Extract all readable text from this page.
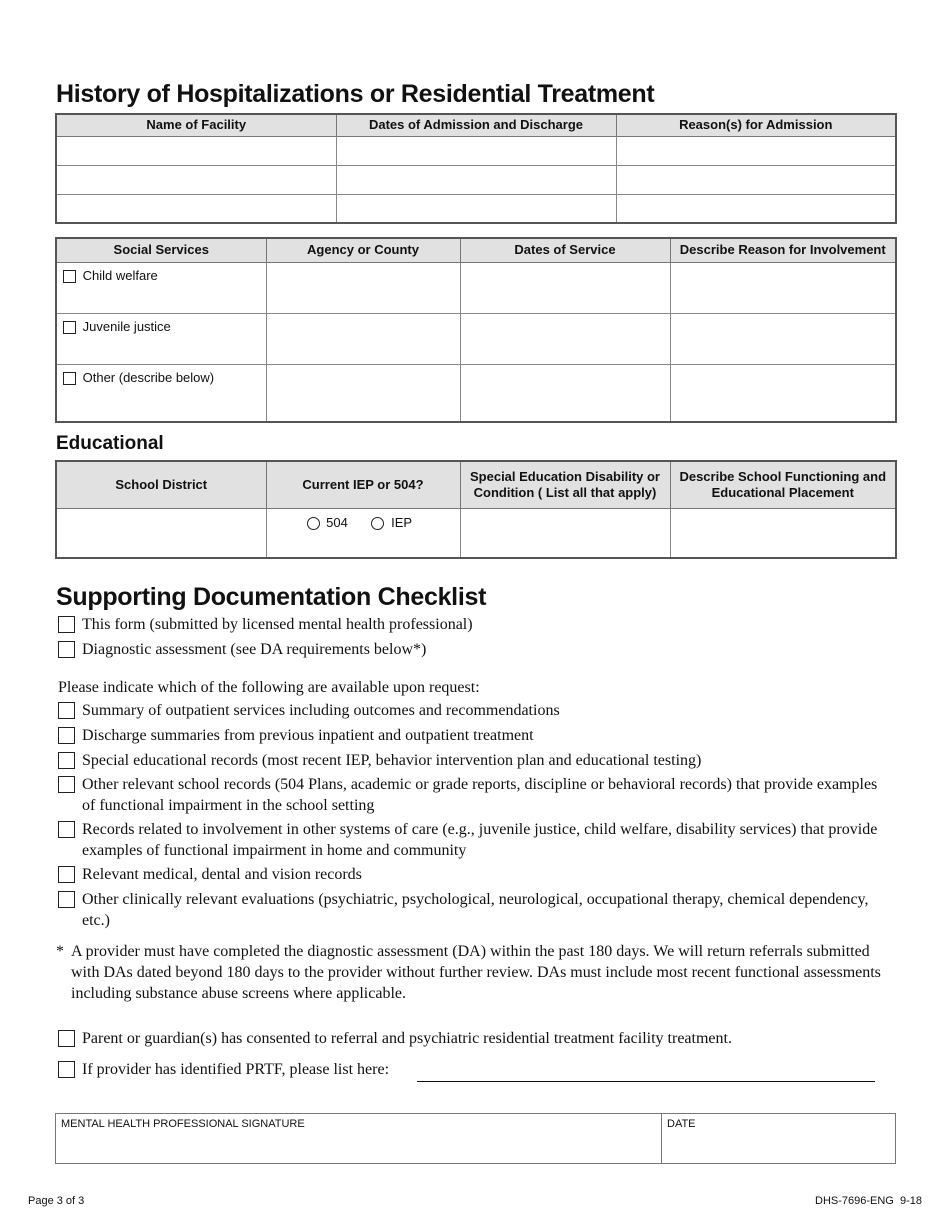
History of Hospitalizations or Residential Treatment
Name of Facility	Dates of Admission and Discharge	Reason(s) for Admission

Social Services	Agency or County	Dates of Service	Describe Reason for Involvement
Child welfare			
Juvenile justice			
Other (describe below)			
Educational
School District	Current IEP or 504?	Special Education Disability or Condition ( List all that apply)	Describe School Functioning and Educational Placement
	504 IEP		
Supporting Documentation Checklist
This form (submitted by licensed mental health professional)
Diagnostic assessment (see DA requirements below*)
Please indicate which of the following are available upon request:
Summary of outpatient services including outcomes and recommendations
Discharge summaries from previous inpatient and outpatient treatment
Special educational records (most recent IEP, behavior intervention plan and educational testing)
Other relevant school records (504 Plans, academic or grade reports, discipline or behavioral records) that provide examples of functional impairment in the school setting
Records related to involvement in other systems of care (e.g., juvenile justice, child welfare, disability services) that provide examples of functional impairment in home and community
Relevant medical, dental and vision records
Other clinically relevant evaluations (psychiatric, psychological, neurological, occupational therapy, chemical dependency, etc.)
* A provider must have completed the diagnostic assessment (DA) within the past 180 days. We will return referrals submitted with DAs dated beyond 180 days to the provider without further review. DAs must include most recent functional assessments including substance abuse screens where applicable.
Parent or guardian(s) has consented to referral and psychiatric residential treatment facility treatment.
If provider has identified PRTF, please list here:
MENTAL HEALTH PROFESSIONAL SIGNATURE	DATE
Page 3 of 3	DHS-7696-ENG  9-18
